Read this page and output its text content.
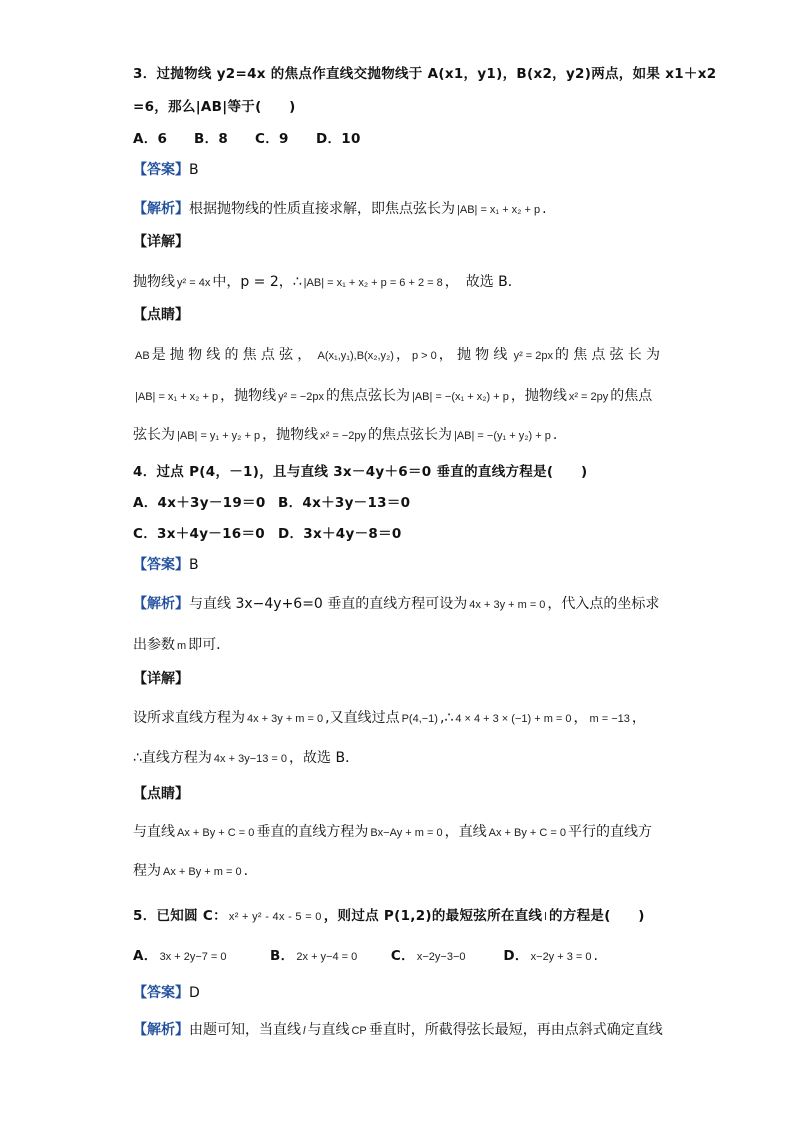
3．过抛物线 y2=4x 的焦点作直线交抛物线于 A(x1，y1)，B(x2，y2)两点，如果 x1＋x2
=6，那么|AB|等于(　　)
A．6 B．8 C．9 D．10
【答案】B
【解析】根据抛物线的性质直接求解，即焦点弦长为 |AB| = x₁ + x₂ + p .
【详解】
抛物线 y² = 4x 中，p = 2，∴ |AB| = x₁ + x₂ + p = 6 + 2 = 8 ，　故选 B．
【点睛】
AB 是抛物线的焦点弦， A(x₁,y₁),B(x₂,y₂) ， p > 0 ，抛物线 y² = 2px 的焦点弦长为
|AB| = x₁ + x₂ + p ，抛物线 y² = −2px 的焦点弦长为 |AB| = −(x₁ + x₂) + p ，抛物线 x² = 2py 的焦点
弦长为 |AB| = y₁ + y₂ + p ，抛物线 x² = −2py 的焦点弦长为 |AB| = −(y₁ + y₂) + p .
4．过点 P(4，－1)，且与直线 3x－4y＋6＝0 垂直的直线方程是(　　)
A．4x＋3y－19＝0 B．4x＋3y－13＝0
C．3x＋4y－16＝0 D．3x＋4y－8＝0
【答案】B
【解析】与直线 3x−4y+6=0 垂直的直线方程可设为 4x + 3y + m = 0 ，代入点的坐标求
出参数 m 即可．
【详解】
设所求直线方程为 4x + 3y + m = 0 ,又直线过点 P(4,−1) ,∴ 4 × 4 + 3 × (−1) + m = 0 ， m = −13 ，
∴直线方程为 4x + 3y−13 = 0 ，故选 B．
【点睛】
与直线 Ax + By + C = 0 垂直的直线方程为 Bx−Ay + m = 0 ，直线 Ax + By + C = 0 平行的直线方
程为 Ax + By + m = 0 .
5．已知圆 C： x² + y² - 4x - 5 = 0 ，则过点 P(1,2)的最短弦所在直线 l 的方程是(　　)
A． 3x + 2y−7 = 0	B． 2x + y−4 = 0 C． x−2y−3−0	D． x−2y + 3 = 0 .
【答案】D
【解析】由题可知，当直线 l 与直线 CP 垂直时，所截得弦长最短，再由点斜式确定直线
